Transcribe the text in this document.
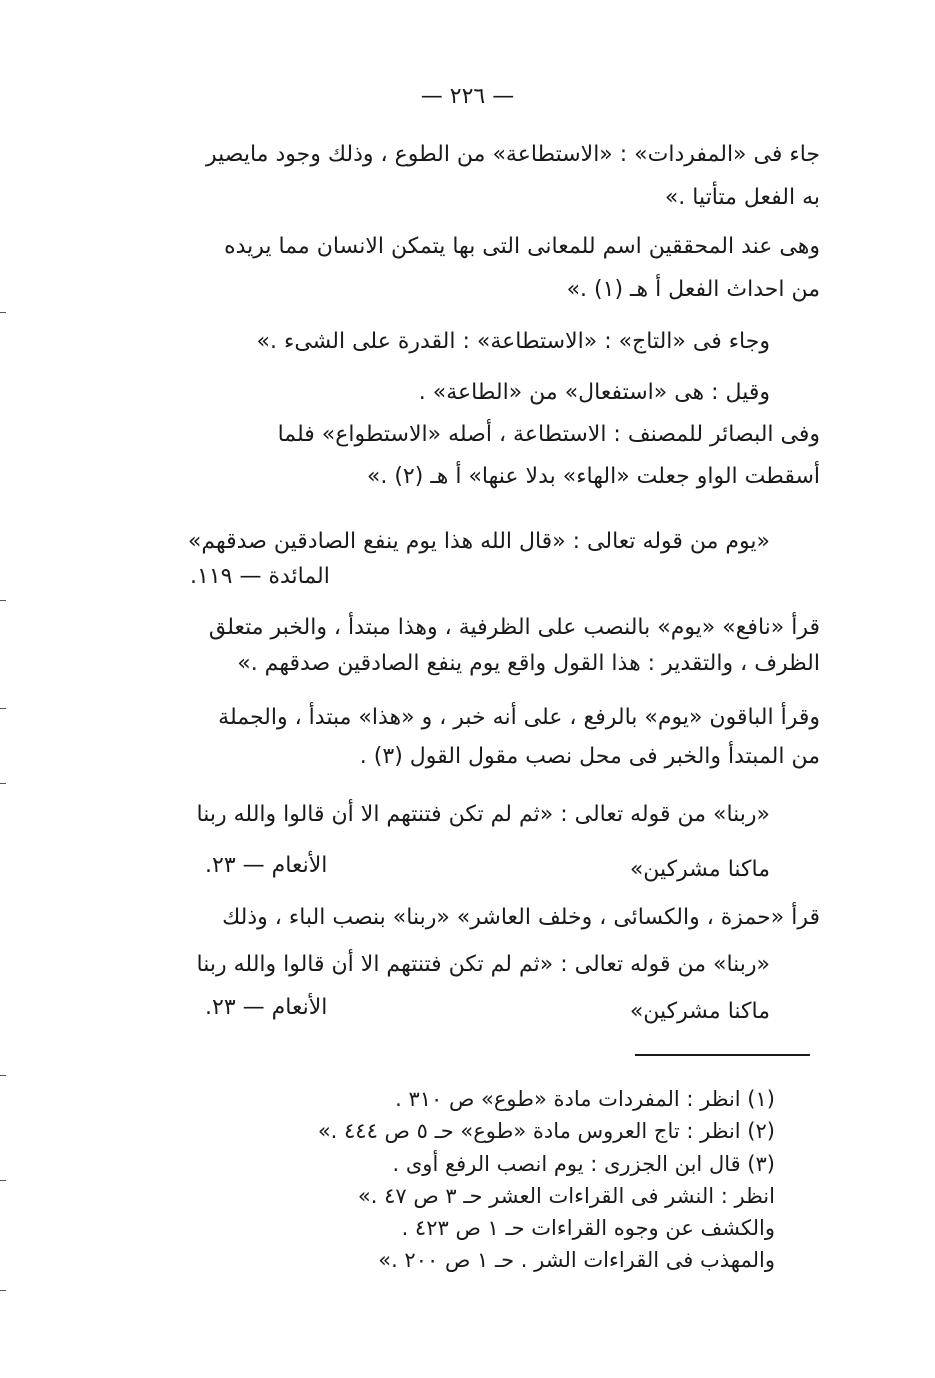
— ٢٢٦ —
جاء فى «المفردات» : «الاستطاعة» من الطوع ، وذلك وجود مايصير
به الفعل متأتيا .»
وهى عند المحققين اسم للمعانى التى بها يتمكن الانسان مما يريده
من احداث الفعل أ هـ (١) .»
وجاء فى «التاج» : «الاستطاعة» : القدرة على الشىء .»
وقيل : هى «استفعال» من «الطاعة» .
وفى البصائر للمصنف : الاستطاعة ، أصله «الاستطواع» فلما
أسقطت الواو جعلت «الهاء» بدلا عنها» أ هـ (٢) .»
«يوم من قوله تعالى : «قال الله هذا يوم ينفع الصادقين صدقهم»
المائدة — ١١٩.
قرأ «نافع» «يوم» بالنصب على الظرفية ، وهذا مبتدأ ، والخبر متعلق
الظرف ، والتقدير : هذا القول واقع يوم ينفع الصادقين صدقهم .»
وقرأ الباقون «يوم» بالرفع ، على أنه خبر ، و «هذا» مبتدأ ، والجملة
من المبتدأ والخبر فى محل نصب مقول القول (٣) .
«ربنا» من قوله تعالى : «ثم لم تكن فتنتهم الا أن قالوا والله ربنا
ماكنا مشركين»
الأنعام — ٢٣.
قرأ «حمزة ، والكسائى ، وخلف العاشر» «ربنا» بنصب الباء ، وذلك
«ربنا» من قوله تعالى : «ثم لم تكن فتنتهم الا أن قالوا والله ربنا
ماكنا مشركين»
الأنعام — ٢٣.
(١) انظر : المفردات مادة «طوع» ص ٣١٠ .
(٢) انظر : تاج العروس مادة «طوع» حـ ٥ ص ٤٤٤ .»
(٣) قال ابن الجزرى : يوم انصب الرفع أوى .
انظر : النشر فى القراءات العشر حـ ٣ ص ٤٧ .»
والكشف عن وجوه القراءات حـ ١ ص ٤٢٣ .
والمهذب فى القراءات الشر . حـ ١ ص ٢٠٠ .»
